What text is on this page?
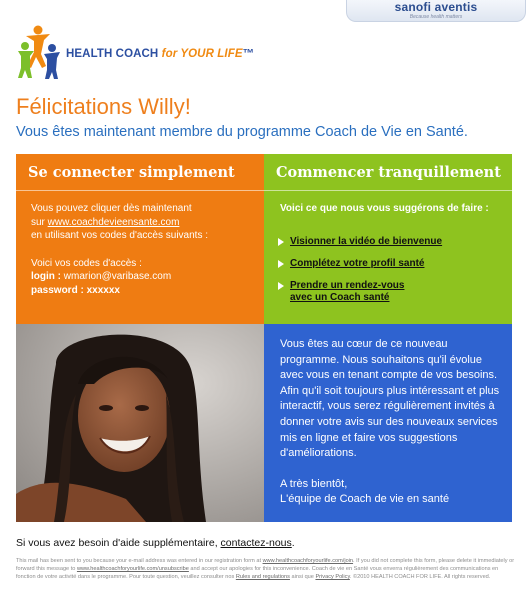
sanofi aventis
Because health matters
HEALTH COACH for YOUR LIFE™
Félicitations Willy!
Vous êtes maintenant membre du programme Coach de Vie en Santé.
Se connecter simplement
Vous pouvez cliquer dès maintenant
sur www.coachdevieensante.com
en utilisant vos codes d'accès suivants :
Voici vos codes d'accès :
login : wmarion@varibase.com
password : xxxxxx
Commencer tranquillement
Voici ce que nous vous suggérons de faire :
Visionner la vidéo de bienvenue
Complétez votre profil santé
Prendre un rendez-vous avec un Coach santé
Vous êtes au cœur de ce nouveau programme. Nous souhaitons qu'il évolue avec vous en tenant compte de vos besoins. Afin qu'il soit toujours plus intéressant et plus interactif, vous serez régulièrement invités à donner votre avis sur des nouveaux services mis en ligne et faire vos suggestions d'améliorations.
A très bientôt,
L'équipe de Coach de vie en santé
Si vous avez besoin d'aide supplémentaire, contactez-nous.
This mail has been sent to you because your e-mail address was entered in our registration form at www.healthcoachforyourlife.com/join. If you did not complete this form, please delete it immediately or forward this message to www.healthcoachforyourlife.com/unsubscribe and accept our apologies for this inconvenience. Coach de vie en Santé vous enverra régulièrement des communications en fonction de votre activité dans le programme. Pour toute question, veuillez consulter nos Rules and regulations ainsi que Privacy Policy. ©2010 HEALTH COACH FOR LIFE. All rights reserved.
